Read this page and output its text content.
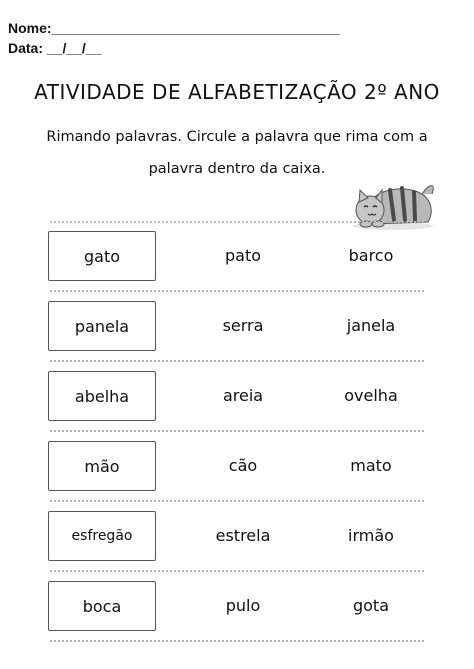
Nome:_____________________________________
Data: __/__/__
ATIVIDADE DE ALFABETIZAÇÃO 2º ANO
Rimando palavras. Circule a palavra que rima com a
palavra dentro da caixa.
gato	pato	barco
panela	serra	janela
abelha	areia	ovelha
mão	cão	mato
esfregão	estrela	irmão
boca	pulo	gota
